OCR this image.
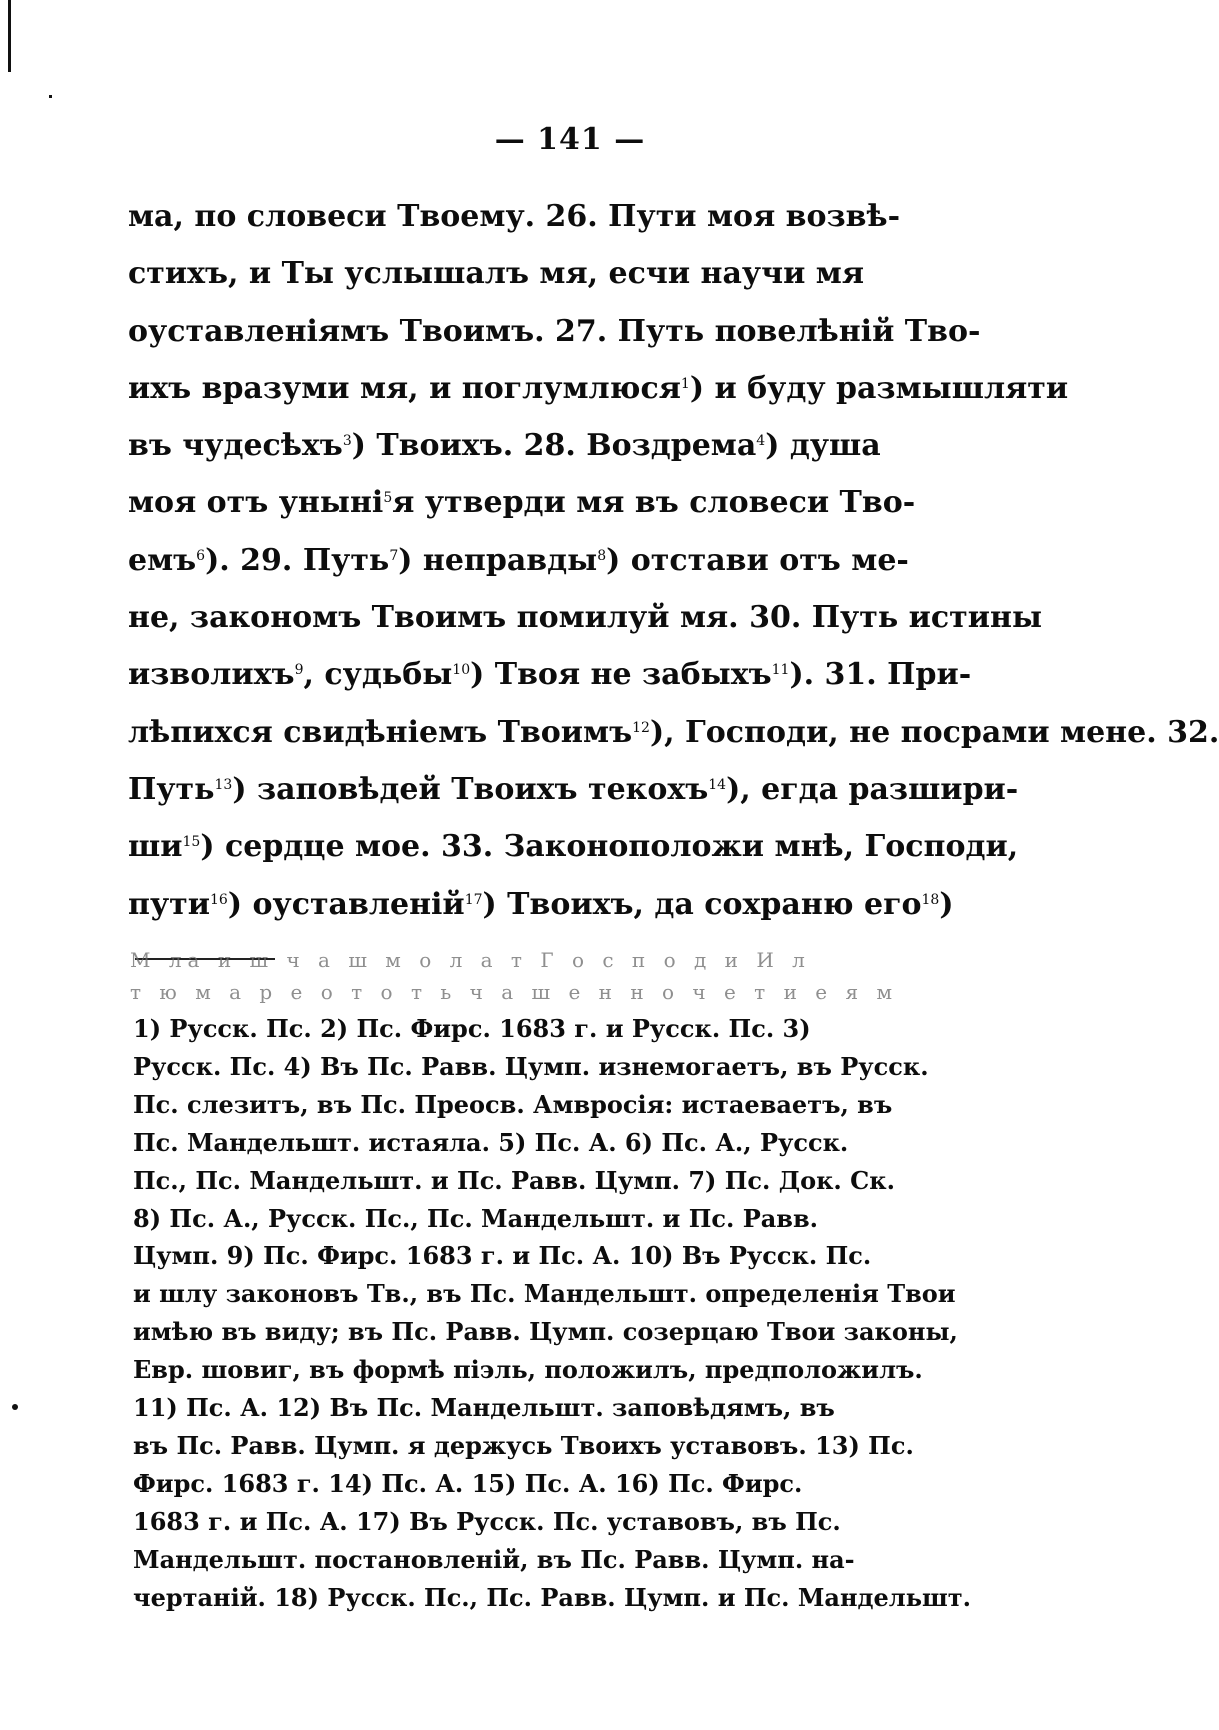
— 141 —
ма, по словеси Твоему. 26. Пути моя возвѣ-
стихъ, и Ты услышалъ мя, есчи научи мя
оуставленіямъ Твоимъ. 27. Путь повелѣній Тво-
ихъ вразуми мя, и поглумлюся$^1$) и буду размышляти
въ чудесѣхъ$^3$) Твоихъ. 28. Воздрема$^4$) душа
моя отъ уныні$^5$я утверди мя въ словеси Тво-
емъ$^6$). 29. Путь$^7$) неправды$^8$) отстави отъ ме-
не, закономъ Твоимъ помилуй мя. 30. Путь истины
изволихъ$^9$, судьбы$^{10}$) Твоя не забыхъ$^{11}$). 31. При-
лѣпихся свидѣніемъ Твоимъ$^{12}$), Господи, не посрами мене. 32.
Путь$^{13}$) заповѣдей Твоихъ текохъ$^{14}$), егда разшири-
$ши^{15}$) сердце мое. 33. Законоположи мнѣ, Господи,
пути$^{16}$) оуставленій$^{17}$) Твоихъ, да сохраню его$^{18}$)
М ла и ш ч а ш м о л а т Г о с п о д и И л
т ю м а р е о т о т ь ч а ш е н н о ч е т и е я м
1) Русск. Пс. 2) Пс. Фирс. 1683 г. и Русск. Пс. 3)
Русск. Пс. 4) Въ Пс. Равв. Цумп. изнемогаетъ, въ Русск.
Пс. слезитъ, въ Пс. Преосв. Амвросія: истаеваетъ, въ
Пс. Мандельшт. истаяла. 5) Пс. А. 6) Пс. А., Русск.
Пс., Пс. Мандельшт. и Пс. Равв. Цумп. 7) Пс. Док. Ск.
8) Пс. А., Русск. Пс., Пс. Мандельшт. и Пс. Равв.
Цумп. 9) Пс. Фирс. 1683 г. и Пс. А. 10) Въ Русск. Пс.
и шлу законовъ Тв., въ Пс. Мандельшт. определенія Твои
имѣю въ виду; въ Пс. Равв. Цумп. созерцаю Твои законы,
Евр. шовиг, въ формѣ піэль, положилъ, предположилъ.
11) Пс. А. 12) Въ Пс. Мандельшт. заповѣдямъ, въ
въ Пс. Равв. Цумп. я держусь Твоихъ уставовъ. 13) Пс.
Фирс. 1683 г. 14) Пс. А. 15) Пс. А. 16) Пс. Фирс.
1683 г. и Пс. А. 17) Въ Русск. Пс. уставовъ, въ Пс.
Мандельшт. постановленій, въ Пс. Равв. Цумп. на-
чертаній. 18) Русск. Пс., Пс. Равв. Цумп. и Пс. Мандельшт.
